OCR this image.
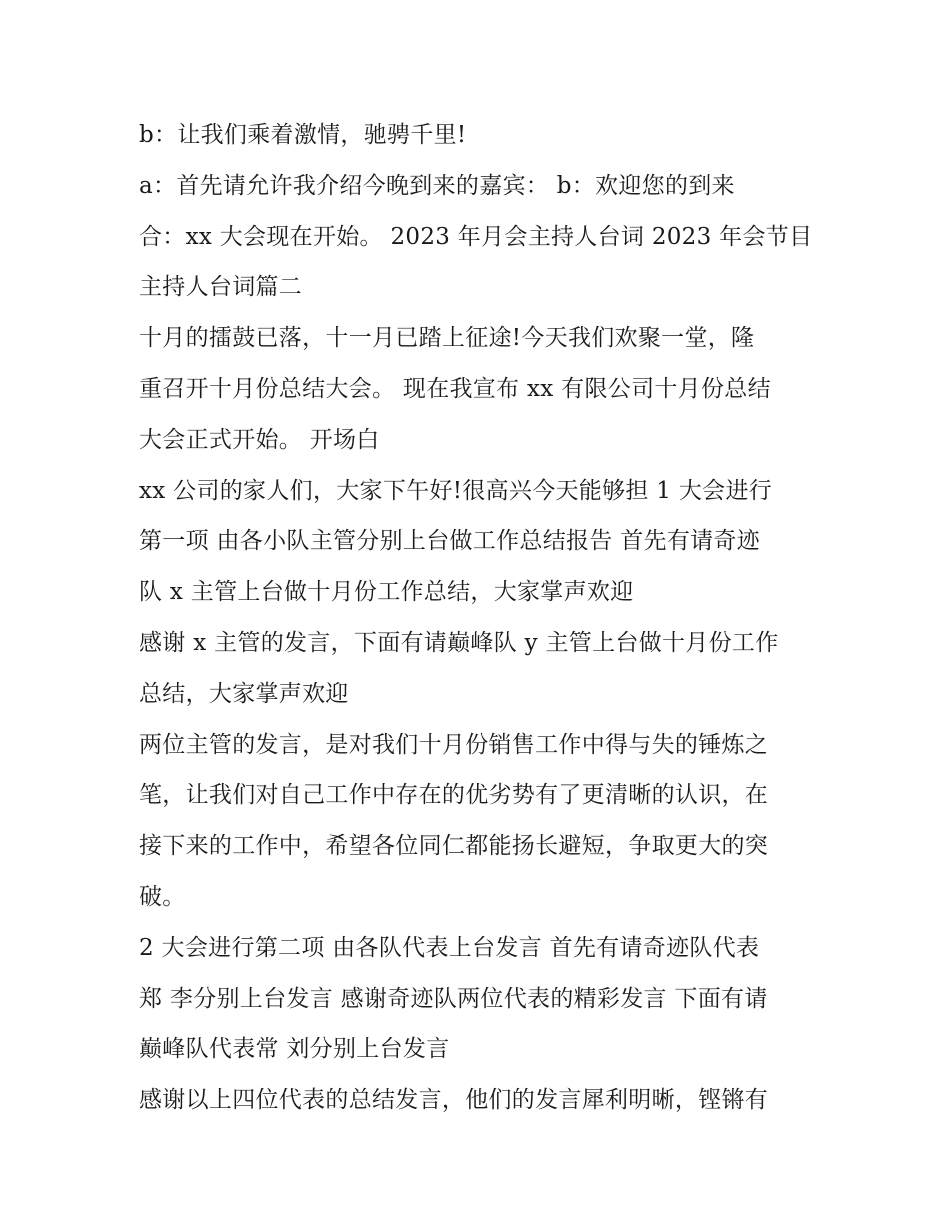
b：让我们乘着激情，驰骋千里!
a：首先请允许我介绍今晚到来的嘉宾： b：欢迎您的到来
合：xx 大会现在开始。 2023 年月会主持人台词 2023 年会节目
主持人台词篇二
十月的擂鼓已落，十一月已踏上征途!今天我们欢聚一堂，隆
重召开十月份总结大会。 现在我宣布 xx 有限公司十月份总结
大会正式开始。 开场白
xx 公司的家人们，大家下午好!很高兴今天能够担 1 大会进行
第一项 由各小队主管分别上台做工作总结报告 首先有请奇迹
队 x 主管上台做十月份工作总结，大家掌声欢迎
感谢 x 主管的发言，下面有请巅峰队 y 主管上台做十月份工作
总结，大家掌声欢迎
两位主管的发言，是对我们十月份销售工作中得与失的锤炼之
笔，让我们对自己工作中存在的优劣势有了更清晰的认识，在
接下来的工作中，希望各位同仁都能扬长避短，争取更大的突
破。
2 大会进行第二项 由各队代表上台发言 首先有请奇迹队代表
郑 李分别上台发言 感谢奇迹队两位代表的精彩发言 下面有请
巅峰队代表常 刘分别上台发言
感谢以上四位代表的总结发言，他们的发言犀利明晰，铿锵有
